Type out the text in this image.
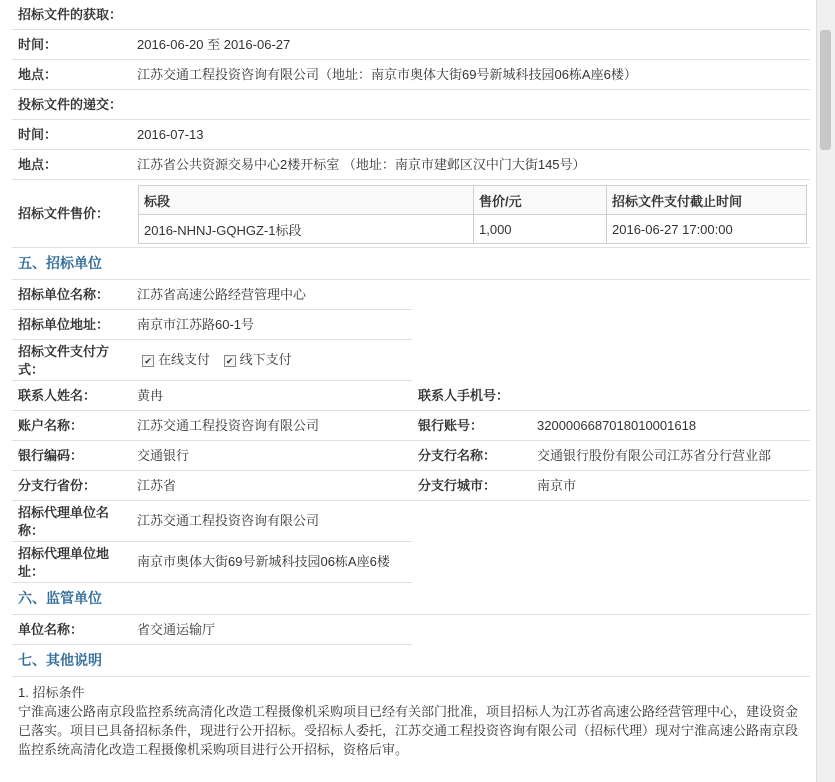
招标文件的获取：
时间：	2016-06-20 至 2016-06-27
地点：	江苏交通工程投资咨询有限公司（地址：南京市奥体大街69号新城科技园06栋A座6楼）
投标文件的递交：
时间：	2016-07-13
地点：	江苏省公共资源交易中心2楼开标室 （地址：南京市建邺区汉中门大街145号）
招标文件售价：
标段	售价/元	招标文件支付截止时间
2016-NHNJ-GQHGZ-1标段	1,000	2016-06-27 17:00:00
五、招标单位
招标单位名称： 江苏省高速公路经营管理中心
招标单位地址： 南京市江苏路60-1号
招标文件支付方式：
✔ 在线支付 ✔ 线下支付
联系人姓名：	黄冉	联系人手机号：
账户名称：	江苏交通工程投资咨询有限公司	银行账号：	3200006687018010001618
银行编码：	交通银行	分支行名称：	交通银行股份有限公司江苏省分行营业部
分支行省份：	江苏省	分支行城市：	南京市
招标代理单位名称：
江苏交通工程投资咨询有限公司
招标代理单位地址：
南京市奥体大街69号新城科技园06栋A座6楼
六、监管单位
单位名称：	省交通运输厅
七、其他说明

1. 招标条件

宁淮高速公路南京段监控系统高清化改造工程摄像机采购项目已经有关部门批准，项目招标人为江苏省高速公路经营管理中心，建设资金已落实。项目已具备招标条件，现进行公开招标。受招标人委托，江苏交通工程投资咨询有限公司（招标代理）现对宁淮高速公路南京段监控系统高清化改造工程摄像机采购项目进行公开招标，资格后审。
